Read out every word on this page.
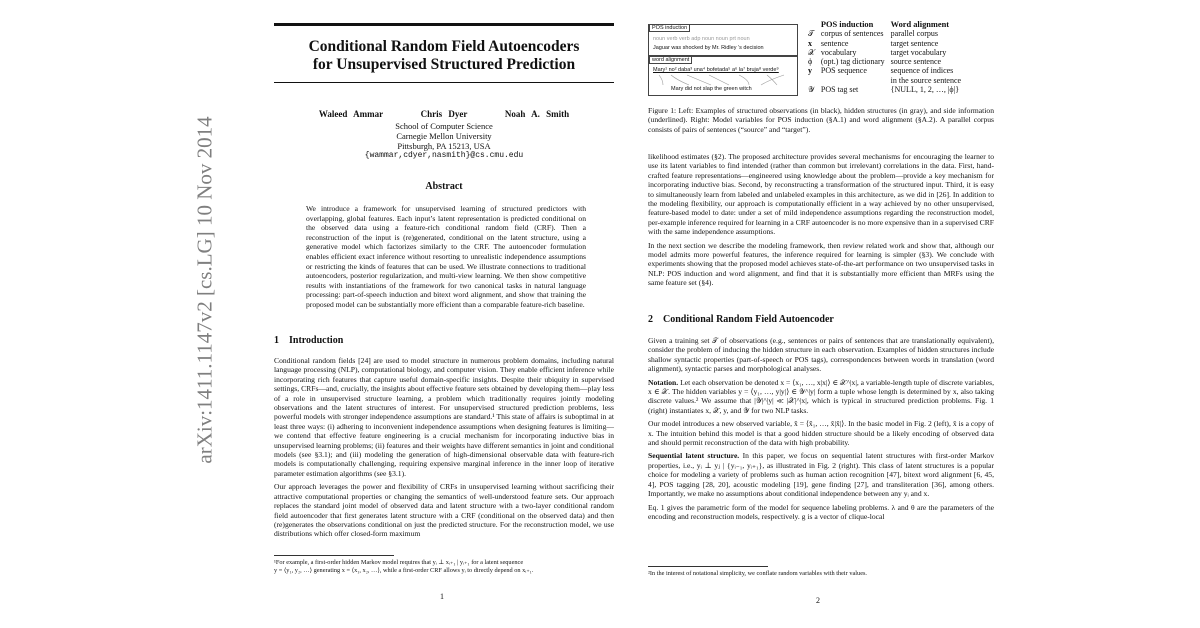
arXiv:1411.1147v2 [cs.LG] 10 Nov 2014
Conditional Random Field Autoencoders
for Unsupervised Structured Prediction
Waleed Ammar	Chris Dyer	Noah A. Smith
School of Computer Science
Carnegie Mellon University
Pittsburgh, PA 15213, USA
{wammar,cdyer,nasmith}@cs.cmu.edu
Abstract
We introduce a framework for unsupervised learning of structured predictors with overlapping, global features. Each input’s latent representation is predicted conditional on the observed data using a feature-rich conditional random field (CRF). Then a reconstruction of the input is (re)generated, conditional on the latent structure, using a generative model which factorizes similarly to the CRF. The autoencoder formulation enables efficient exact inference without resorting to unrealistic independence assumptions or restricting the kinds of features that can be used. We illustrate connections to traditional autoencoders, posterior regularization, and multi-view learning. We then show competitive results with instantiations of the framework for two canonical tasks in natural language processing: part-of-speech induction and bitext word alignment, and show that training the proposed model can be substantially more efficient than a comparable feature-rich baseline.
1 Introduction

Conditional random fields [24] are used to model structure in numerous problem domains, including natural language processing (NLP), computational biology, and computer vision. They enable efficient inference while incorporating rich features that capture useful domain-specific insights. Despite their ubiquity in supervised settings, CRFs—and, crucially, the insights about effective feature sets obtained by developing them—play less of a role in unsupervised structure learning, a problem which traditionally requires jointly modeling observations and the latent structures of interest. For unsupervised structured prediction problems, less powerful models with stronger independence assumptions are standard.¹ This state of affairs is suboptimal in at least three ways: (i) adhering to inconvenient independence assumptions when designing features is limiting—we contend that effective feature engineering is a crucial mechanism for incorporating inductive bias in unsupervised learning problems; (ii) features and their weights have different semantics in joint and conditional models (see §3.1); and (iii) modeling the generation of high-dimensional observable data with feature-rich models is computationally challenging, requiring expensive marginal inference in the inner loop of iterative parameter estimation algorithms (see §3.1).

Our approach leverages the power and flexibility of CRFs in unsupervised learning without sacrificing their attractive computational properties or changing the semantics of well-understood feature sets. Our approach replaces the standard joint model of observed data and latent structure with a two-layer conditional random field autoencoder that first generates latent structure with a CRF (conditional on the observed data) and then (re)generates the observations conditional on just the predicted structure. For the reconstruction model, we use distributions which offer closed-form maximum

¹For example, a first-order hidden Markov model requires that yᵢ ⊥ xᵢ₊₁ | yᵢ₊₁ for a latent sequence
y = ⟨y₁, y₂, …⟩ generating x = ⟨x₁, x₂, …⟩, while a first-order CRF allows yᵢ to directly depend on xᵢ₊₁.
1
POS induction
noun verb verb adp noun noun prt noun
Jaguar was shocked by Mr. Ridley ’s decision
word alignment
Mary¹ no² daba³ una⁴ bofetada⁵ a⁶ la⁷ bruja⁸ verde⁹
Mary did not slap the green witch
	POS induction	Word alignment
𝒯	corpus of sentences	parallel corpus
x	sentence	target sentence
𝒳	vocabulary	target vocabulary
ϕ	(opt.) tag dictionary	source sentence
y	POS sequence	sequence of indices
		in the source sentence
𝒴	POS tag set	{NULL, 1, 2, …, |ϕ|}
Figure 1: Left: Examples of structured observations (in black), hidden structures (in gray), and side information (underlined). Right: Model variables for POS induction (§A.1) and word alignment (§A.2). A parallel corpus consists of pairs of sentences (“source” and “target”).

likelihood estimates (§2). The proposed architecture provides several mechanisms for encouraging the learner to use its latent variables to find intended (rather than common but irrelevant) correlations in the data. First, hand-crafted feature representations—engineered using knowledge about the problem—provide a key mechanism for incorporating inductive bias. Second, by reconstructing a transformation of the structured input. Third, it is easy to simultaneously learn from labeled and unlabeled examples in this architecture, as we did in [26]. In addition to the modeling flexibility, our approach is computationally efficient in a way achieved by no other unsupervised, feature-based model to date: under a set of mild independence assumptions regarding the reconstruction model, per-example inference required for learning in a CRF autoencoder is no more expensive than in a supervised CRF with the same independence assumptions.

In the next section we describe the modeling framework, then review related work and show that, although our model admits more powerful features, the inference required for learning is simpler (§3). We conclude with experiments showing that the proposed model achieves state-of-the-art performance on two unsupervised tasks in NLP: POS induction and word alignment, and find that it is substantially more efficient than MRFs using the same feature set (§4).

2 Conditional Random Field Autoencoder

Given a training set 𝒯 of observations (e.g., sentences or pairs of sentences that are translationally equivalent), consider the problem of inducing the hidden structure in each observation. Examples of hidden structures include shallow syntactic properties (part-of-speech or POS tags), correspondences between words in translation (word alignment), syntactic parses and morphological analyses.

Notation. Let each observation be denoted x = ⟨x₁, …, x|x|⟩ ∈ 𝒳^|x|, a variable-length tuple of discrete variables, x ∈ 𝒳. The hidden variables y = ⟨y₁, …, y|y|⟩ ∈ 𝒴^|y| form a tuple whose length is determined by x, also taking discrete values.² We assume that |𝒴|^|y| ≪ |𝒳|^|x|, which is typical in structured prediction problems. Fig. 1 (right) instantiates x, 𝒳, y, and 𝒴 for two NLP tasks.

Our model introduces a new observed variable, x̂ = ⟨x̂₁, …, x̂|x̂|⟩. In the basic model in Fig. 2 (left), x̂ is a copy of x. The intuition behind this model is that a good hidden structure should be a likely encoding of observed data and should permit reconstruction of the data with high probability.

Sequential latent structure. In this paper, we focus on sequential latent structures with first-order Markov properties, i.e., yᵢ ⊥ yⱼ | {yᵢ₋₁, yᵢ₊₁}, as illustrated in Fig. 2 (right). This class of latent structures is a popular choice for modeling a variety of problems such as human action recognition [47], bitext word alignment [6, 45, 4], POS tagging [28, 20], acoustic modeling [19], gene finding [27], and transliteration [36], among others. Importantly, we make no assumptions about conditional independence between any yᵢ and x.

Eq. 1 gives the parametric form of the model for sequence labeling problems. λ and θ are the parameters of the encoding and reconstruction models, respectively. g is a vector of clique-local

²In the interest of notational simplicity, we conflate random variables with their values.
2
